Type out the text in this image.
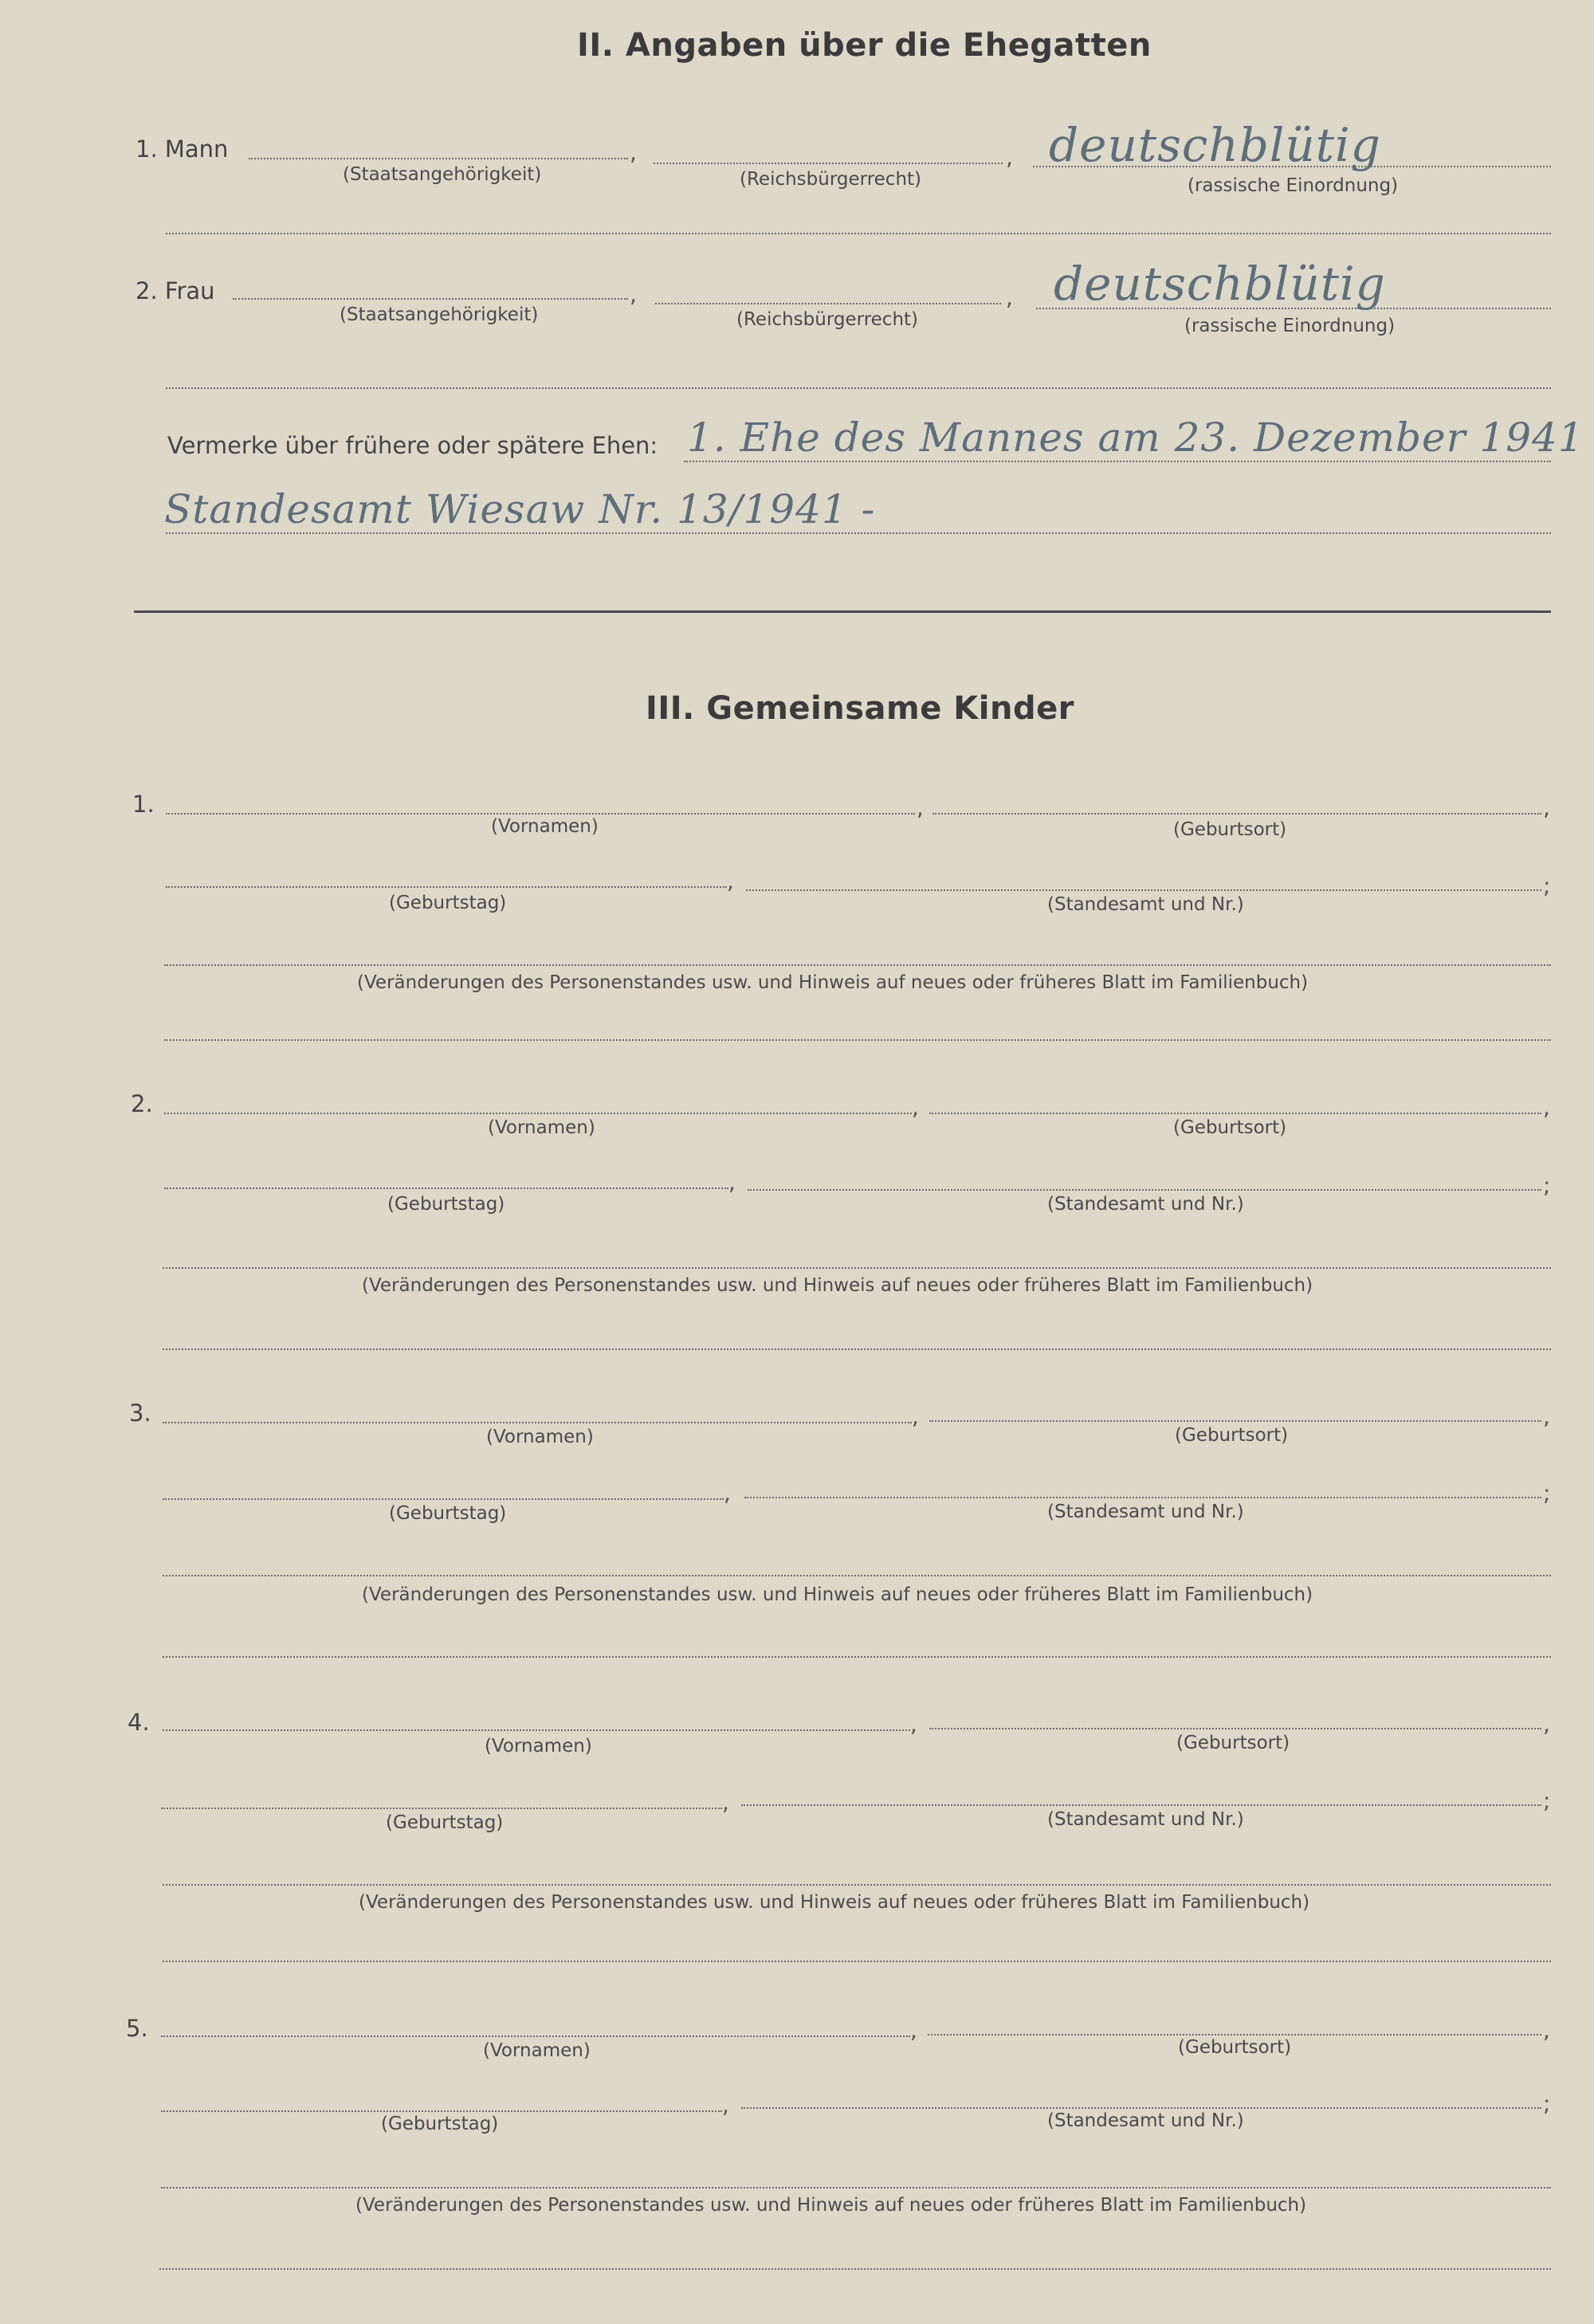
II. Angaben über die Ehegatten
1. Mann	,	, deutschblütig
(Staatsangehörigkeit)	(Reichsbürgerrecht)	(rassische Einordnung)
2. Frau	,	, deutschblütig
(Staatsangehörigkeit)	(Reichsbürgerrecht)	(rassische Einordnung)
Vermerke über frühere oder spätere Ehen: 1. Ehe des Mannes am 23. Dezember 1941
Standesamt Wiesaw Nr. 13/1941 -
III. Gemeinsame Kinder
1.	,	,
(Vornamen)	(Geburtsort)
,	;
(Geburtstag)	(Standesamt und Nr.)
(Veränderungen des Personenstandes usw. und Hinweis auf neues oder früheres Blatt im Familienbuch)
2.	,	,
(Vornamen)	(Geburtsort)
,	;
(Geburtstag)	(Standesamt und Nr.)
(Veränderungen des Personenstandes usw. und Hinweis auf neues oder früheres Blatt im Familienbuch)
3.	,	,
(Vornamen)	(Geburtsort)
,	;
(Geburtstag)	(Standesamt und Nr.)
(Veränderungen des Personenstandes usw. und Hinweis auf neues oder früheres Blatt im Familienbuch)
4.	,	,
(Vornamen)	(Geburtsort)
,	;
(Geburtstag)	(Standesamt und Nr.)
(Veränderungen des Personenstandes usw. und Hinweis auf neues oder früheres Blatt im Familienbuch)
5.	,	,
(Vornamen)	(Geburtsort)
,	;
(Geburtstag)	(Standesamt und Nr.)
(Veränderungen des Personenstandes usw. und Hinweis auf neues oder früheres Blatt im Familienbuch)
